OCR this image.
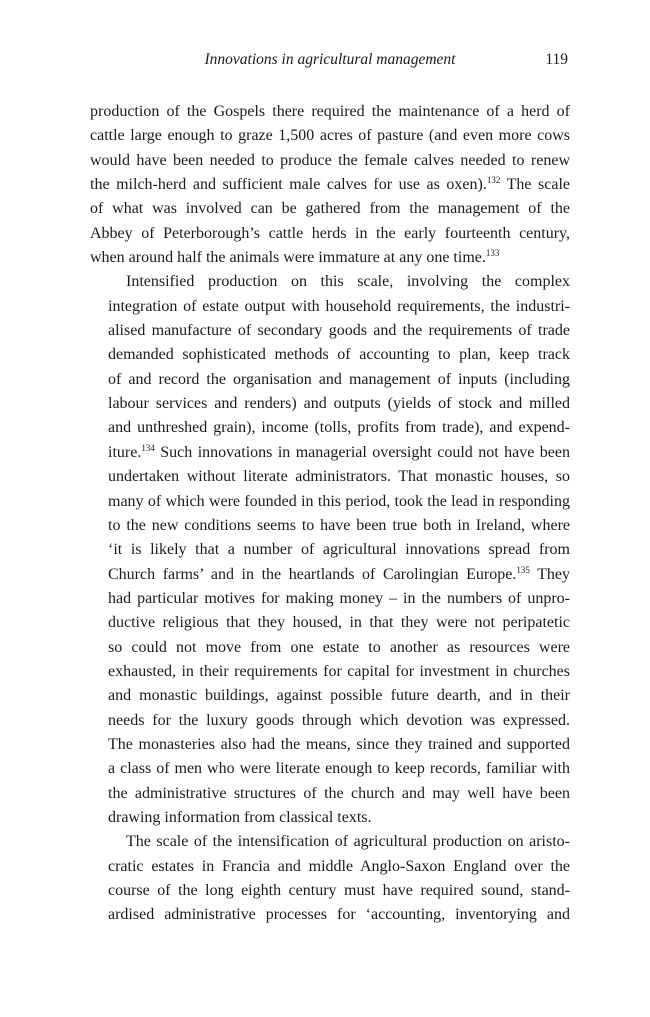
Innovations in agricultural management	119

production of the Gospels there required the maintenance of a herd of
cattle large enough to graze 1,500 acres of pasture (and even more cows
would have been needed to produce the female calves needed to renew
the milch-herd and sufficient male calves for use as oxen).$^{132}$ The scale
of what was involved can be gathered from the management of the
Abbey of Peterborough’s cattle herds in the early fourteenth century,
when around half the animals were immature at any one time.$^{133}$

Intensified production on this scale, involving the complex
integration of estate output with household requirements, the industri-
alised manufacture of secondary goods and the requirements of trade
demanded sophisticated methods of accounting to plan, keep track
of and record the organisation and management of inputs (including
labour services and renders) and outputs (yields of stock and milled
and unthreshed grain), income (tolls, profits from trade), and expend-
iture.$^{134}$ Such innovations in managerial oversight could not have been
undertaken without literate administrators. That monastic houses, so
many of which were founded in this period, took the lead in responding
to the new conditions seems to have been true both in Ireland, where
‘it is likely that a number of agricultural innovations spread from
Church farms’ and in the heartlands of Carolingian Europe.$^{135}$ They
had particular motives for making money – in the numbers of unpro-
ductive religious that they housed, in that they were not peripatetic
so could not move from one estate to another as resources were
exhausted, in their requirements for capital for investment in churches
and monastic buildings, against possible future dearth, and in their
needs for the luxury goods through which devotion was expressed.
The monasteries also had the means, since they trained and supported
a class of men who were literate enough to keep records, familiar with
the administrative structures of the church and may well have been
drawing information from classical texts.

The scale of the intensification of agricultural production on aristo-
cratic estates in Francia and middle Anglo-Saxon England over the
course of the long eighth century must have required sound, stand-
ardised administrative processes for ‘accounting, inventorying and
